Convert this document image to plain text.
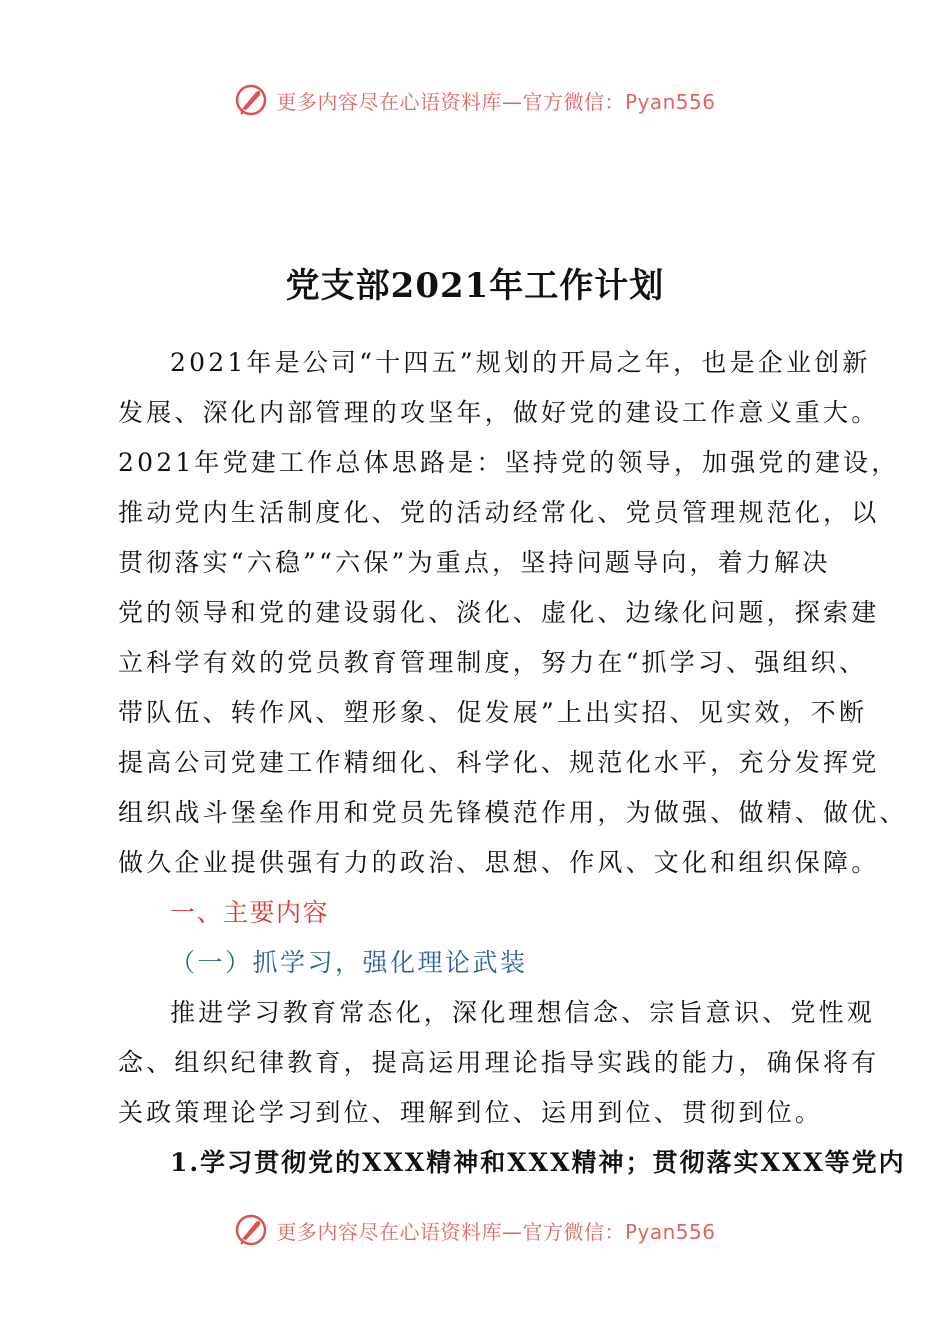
更多内容尽在心语资料库—官方微信：Pyan556
党支部2021年工作计划
2021年是公司“十四五”规划的开局之年，也是企业创新
发展、深化内部管理的攻坚年，做好党的建设工作意义重大。
2021年党建工作总体思路是：坚持党的领导，加强党的建设，
推动党内生活制度化、党的活动经常化、党员管理规范化，以
贯彻落实“六稳”“六保”为重点，坚持问题导向，着力解决
党的领导和党的建设弱化、淡化、虚化、边缘化问题，探索建
立科学有效的党员教育管理制度，努力在“抓学习、强组织、
带队伍、转作风、塑形象、促发展”上出实招、见实效，不断
提高公司党建工作精细化、科学化、规范化水平，充分发挥党
组织战斗堡垒作用和党员先锋模范作用，为做强、做精、做优、
做久企业提供强有力的政治、思想、作风、文化和组织保障。
一、主要内容
（一）抓学习，强化理论武装
推进学习教育常态化，深化理想信念、宗旨意识、党性观
念、组织纪律教育，提高运用理论指导实践的能力，确保将有
关政策理论学习到位、理解到位、运用到位、贯彻到位。
1.学习贯彻党的XXX精神和XXX精神；贯彻落实XXX等党内
更多内容尽在心语资料库—官方微信：Pyan556
